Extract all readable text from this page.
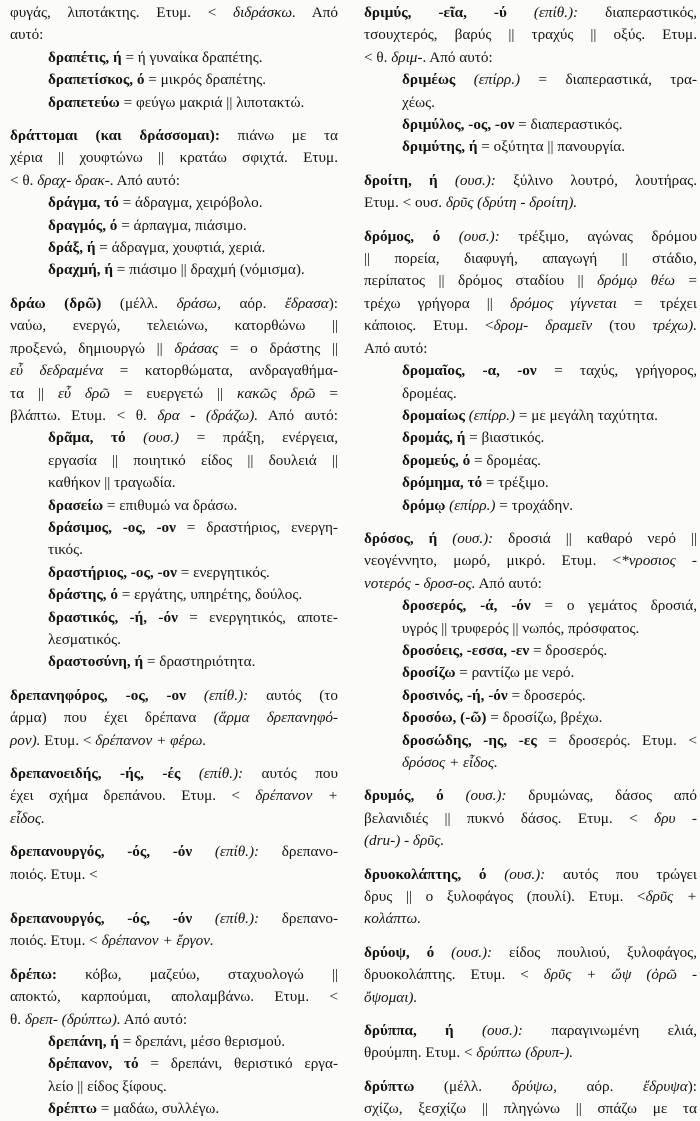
φυγάς, λιποτάκτης. Ετυμ. < διδράσκω. Από
αυτό:
δραπέτις, ή = ή γυναίκα δραπέτης.
δραπετίσκος, ό = μικρός δραπέτης.
δραπετεύω = φεύγω μακριά || λιποτακτώ.
δράττομαι (και δράσσομαι): πιάνω με τα
χέρια || χουφτώνω || κρατάω σφιχτά. Ετυμ.
< θ. δραχ- δρακ-. Από αυτό:
δράγμα, τό = άδραγμα, χειρόβολο.
δραγμός, ό = άρπαγμα, πιάσιμο.
δράξ, ή = άδραγμα, χουφτιά, χεριά.
δραχμή, ή = πιάσιμο || δραχμή (νόμισμα).
δράω (δρῶ) (μέλλ. δράσω, αόρ. ἔδρασα):
ναύω, ενεργώ, τελειώνω, κατορθώνω ||
προξενώ, δημιουργώ || δράσας = ο δράστης ||
εὖ δεδραμένα = κατορθώματα, ανδραγαθήμα-
τα || εὖ δρῶ = ευεργετώ || κακῶς δρῶ =
βλάπτω. Ετυμ. < θ. δρα - (δράζω). Από αυτό:
δρᾶμα, τό (ουσ.) = πράξη, ενέργεια,
εργασία || ποιητικό είδος || δουλειά ||
καθήκον || τραγωδία.
δρασείω = επιθυμώ να δράσω.
δράσιμος, -ος, -ον = δραστήριος, ενεργη-
τικός.
δραστήριος, -ος, -ον = ενεργητικός.
δράστης, ό = εργάτης, υπηρέτης, δούλος.
δραστικός, -ή, -όν = ενεργητικός, αποτε-
λεσματικός.
δραστοσύνη, ή = δραστηριότητα.
δρεπανηφόρος, -ος, -ον (επίθ.): αυτός (το
άρμα) που έχει δρέπανα (ἅρμα δρεπανηφό-
ρον). Ετυμ. < δρέπανον + φέρω.
δρεπανοειδής, -ής, -ές (επίθ.): αυτός που
έχει σχήμα δρεπάνου. Ετυμ. < δρέπανον +
εἶδος.
δρεπανουργός, -ός, -όν (επίθ.): δρεπανο-
ποιός. Ετυμ. <
δρεπανουργός, -ός, -όν (επίθ.): δρεπανο-
ποιός. Ετυμ. < δρέπανον + ἔργον.
δρέπω: κόβω, μαζεύω, σταχυολογώ ||
αποκτώ, καρπούμαι, απολαμβάνω. Ετυμ. <
θ. δρεπ- (δρύπτω). Από αυτό:
δρεπάνη, ή = δρεπάνι, μέσο θερισμού.
δρέπανον, τό = δρεπάνι, θεριστικό εργα-
λείο || είδος ξίφους.
δρέπτω = μαδάω, συλλέγω.
δριμύς, -εῖα, -ύ (επίθ.): διαπεραστικός,
τσουχτερός, βαρύς || τραχύς || οξύς. Ετυμ.
< θ. δριμ-. Από αυτό:
δριμέως (επίρρ.) = διαπεραστικά, τρα-
χέως.
δριμύλος, -ος, -ον = διαπεραστικός.
δριμύτης, ή = οξύτητα || πανουργία.
δροίτη, ή (ουσ.): ξύλινο λουτρό, λουτήρας.
Ετυμ. < ουσ. δρῦς (δρύτη - δροίτη).
δρόμος, ό (ουσ.): τρέξιμο, αγώνας δρόμου
|| πορεία, διαφυγή, απαγωγή || στάδιο,
περίπατος || δρόμος σταδίου || δρόμῳ θέω =
τρέχω γρήγορα || δρόμος γίγνεται = τρέχει
κάποιος. Ετυμ. <δρομ- δραμεῖν (του τρέχω).
Από αυτό:
δρομαῖος, -α, -ον = ταχύς, γρήγορος,
δρομέας.
δρομαίως (επίρρ.) = με μεγάλη ταχύτητα.
δρομάς, ή = βιαστικός.
δρομεύς, ό = δρομέας.
δρόμημα, τό = τρέξιμο.
δρόμῳ (επίρρ.) = τροχάδην.
δρόσος, ή (ουσ.): δροσιά || καθαρό νερό ||
νεογέννητο, μωρό, μικρό. Ετυμ. <*νροσιος -
νοτερός - δροσ-ος. Από αυτό:
δροσερός, -ά, -όν = ο γεμάτος δροσιά,
υγρός || τρυφερός || νωπός, πρόσφατος.
δροσόεις, -εσσα, -εν = δροσερός.
δροσίζω = ραντίζω με νερό.
δροσινός, -ή, -όν = δροσερός.
δροσόω, (-ῶ) = δροσίζω, βρέχω.
δροσώδης, -ης, -ες = δροσερός. Ετυμ. <
δρόσος + εἶδος.
δρυμός, ό (ουσ.): δρυμώνας, δάσος από
βελανιδιές || πυκνό δάσος. Ετυμ. < δρυ -
(dru-) - δρῦς.
δρυοκολάπτης, ό (ουσ.): αυτός που τρώγει
δρυς || ο ξυλοφάγος (πουλί). Ετυμ. <δρῦς +
κολάπτω.
δρύοψ, ό (ουσ.): είδος πουλιού, ξυλοφάγος,
δρυοκολάπτης. Ετυμ. < δρῦς + ὤψ (ὀρῶ -
ὄψομαι).
δρύππα, ή (ουσ.): παραγινωμένη ελιά,
θρούμπη. Ετυμ. < δρύπτω (δρυπ-).
δρύπτω (μέλλ. δρύψω, αόρ. ἔδρυψα):
σχίζω, ξεσχίζω || πληγώνω || σπάζω με τα
